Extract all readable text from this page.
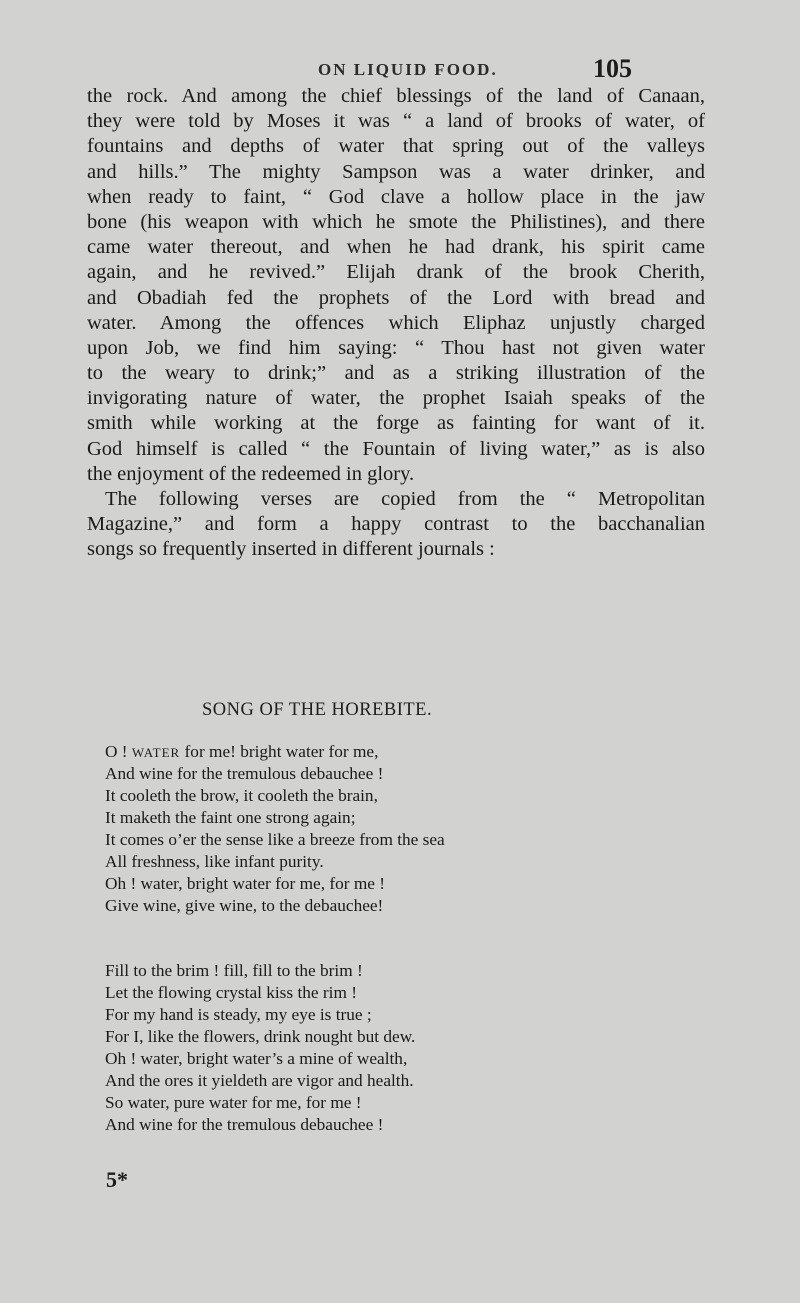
ON LIQUID FOOD.	105
the rock. And among the chief blessings of the land of Canaan,
they were told by Moses it was “ a land of brooks of water, of
fountains and depths of water that spring out of the valleys
and hills.” The mighty Sampson was a water drinker, and
when ready to faint, “ God clave a hollow place in the jaw
bone (his weapon with which he smote the Philistines), and there
came water thereout, and when he had drank, his spirit came
again, and he revived.” Elijah drank of the brook Cherith,
and Obadiah fed the prophets of the Lord with bread and
water. Among the offences which Eliphaz unjustly charged
upon Job, we find him saying: “ Thou hast not given water
to the weary to drink;” and as a striking illustration of the
invigorating nature of water, the prophet Isaiah speaks of the
smith while working at the forge as fainting for want of it.
God himself is called “ the Fountain of living water,” as is also
the enjoyment of the redeemed in glory.
The following verses are copied from the “ Metropolitan
Magazine,” and form a happy contrast to the bacchanalian
songs so frequently inserted in different journals :
SONG OF THE HOREBITE.
O ! WATER for me! bright water for me,
And wine for the tremulous debauchee !
It cooleth the brow, it cooleth the brain,
It maketh the faint one strong again;
It comes o’er the sense like a breeze from the sea
All freshness, like infant purity.
Oh ! water, bright water for me, for me !
Give wine, give wine, to the debauchee!
Fill to the brim ! fill, fill to the brim !
Let the flowing crystal kiss the rim !
For my hand is steady, my eye is true ;
For I, like the flowers, drink nought but dew.
Oh ! water, bright water’s a mine of wealth,
And the ores it yieldeth are vigor and health.
So water, pure water for me, for me !
And wine for the tremulous debauchee !
5*
